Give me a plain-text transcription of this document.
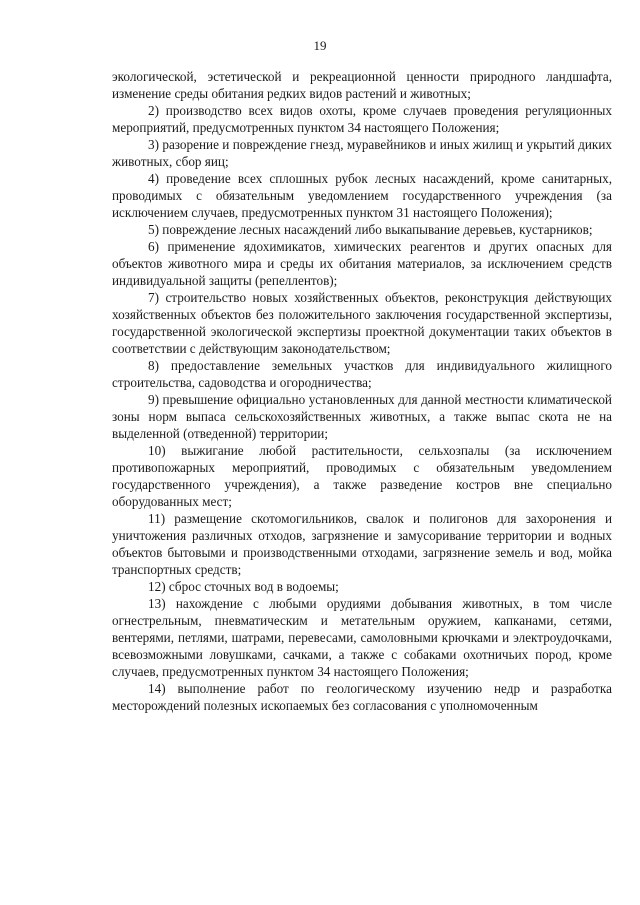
19

экологической, эстетической и рекреационной ценности природного ландшафта, изменение среды обитания редких видов растений и животных;

2) производство всех видов охоты, кроме случаев проведения регуляционных мероприятий, предусмотренных пунктом 34 настоящего Положения;

3) разорение и повреждение гнезд, муравейников и иных жилищ и укрытий диких животных, сбор яиц;

4) проведение всех сплошных рубок лесных насаждений, кроме санитарных, проводимых с обязательным уведомлением государственного учреждения (за исключением случаев, предусмотренных пунктом 31 настоящего Положения);

5) повреждение лесных насаждений либо выкапывание деревьев, кустарников;

6) применение ядохимикатов, химических реагентов и других опасных для объектов животного мира и среды их обитания материалов, за исключением средств индивидуальной защиты (репеллентов);

7) строительство новых хозяйственных объектов, реконструкция действующих хозяйственных объектов без положительного заключения государственной экспертизы, государственной экологической экспертизы проектной документации таких объектов в соответствии с действующим законодательством;

8) предоставление земельных участков для индивидуального жилищного строительства, садоводства и огородничества;

9) превышение официально установленных для данной местности климатической зоны норм выпаса сельскохозяйственных животных, а также выпас скота не на выделенной (отведенной) территории;

10) выжигание любой растительности, сельхозпалы (за исключением противопожарных мероприятий, проводимых с обязательным уведомлением государственного учреждения), а также разведение костров вне специально оборудованных мест;

11) размещение скотомогильников, свалок и полигонов для захоронения и уничтожения различных отходов, загрязнение и замусоривание территории и водных объектов бытовыми и производственными отходами, загрязнение земель и вод, мойка транспортных средств;

12) сброс сточных вод в водоемы;

13) нахождение с любыми орудиями добывания животных, в том числе огнестрельным, пневматическим и метательным оружием, капканами, сетями, вентерями, петлями, шатрами, перевесами, самоловными крючками и электроудочками, всевозможными ловушками, сачками, а также с собаками охотничьих пород, кроме случаев, предусмотренных пунктом 34 настоящего Положения;

14) выполнение работ по геологическому изучению недр и разработка месторождений полезных ископаемых без согласования с уполномоченным
